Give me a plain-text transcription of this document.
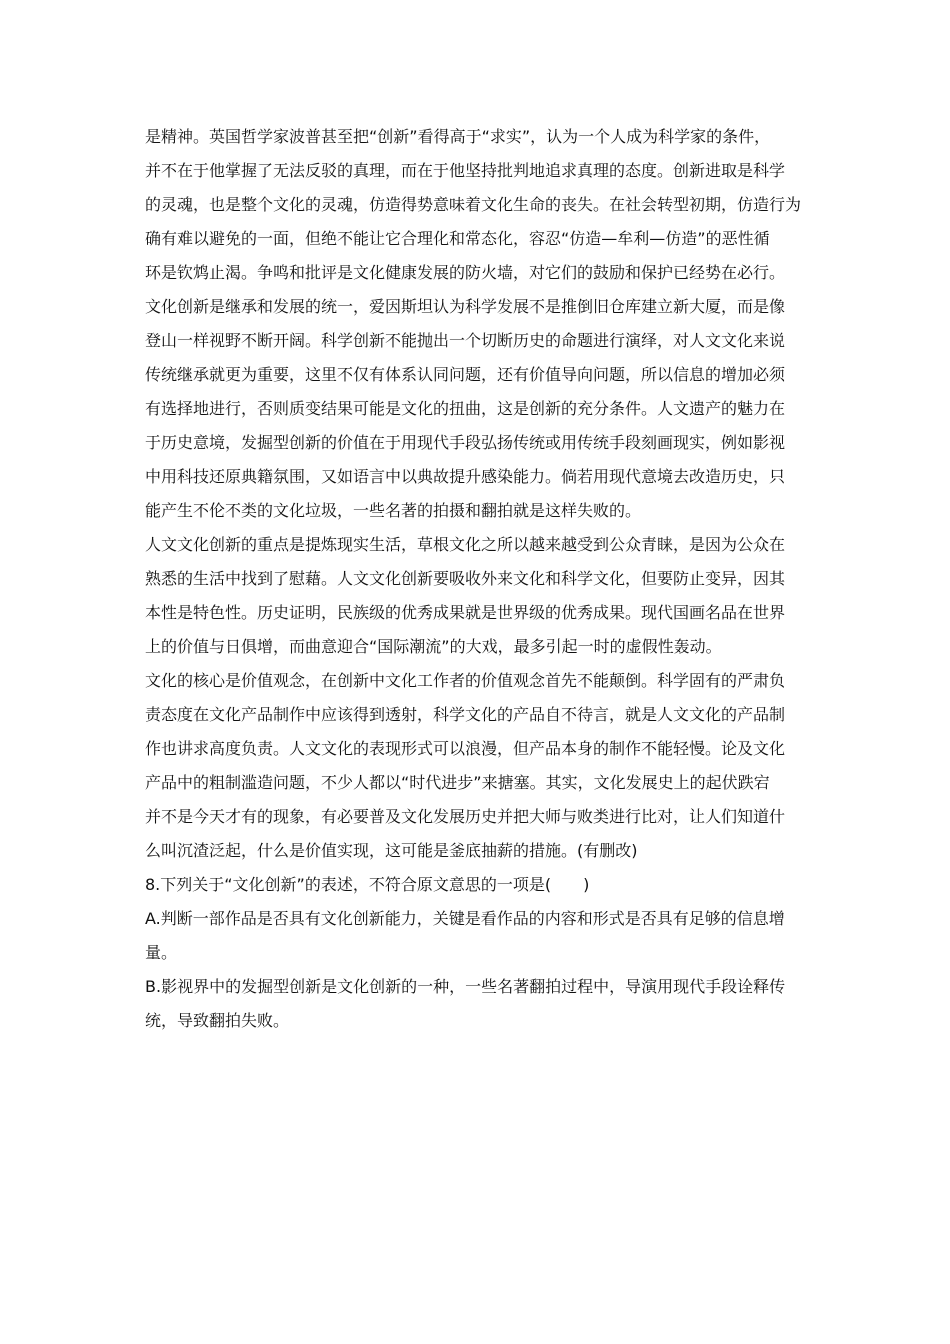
是精神。英国哲学家波普甚至把“创新”看得高于“求实”，认为一个人成为科学家的条件，
并不在于他掌握了无法反驳的真理，而在于他坚持批判地追求真理的态度。创新进取是科学
的灵魂，也是整个文化的灵魂，仿造得势意味着文化生命的丧失。在社会转型初期，仿造行为
确有难以避免的一面，但绝不能让它合理化和常态化，容忍“仿造—牟利—仿造”的恶性循
环是钦鸩止渴。争鸣和批评是文化健康发展的防火墙，对它们的鼓励和保护已经势在必行。
文化创新是继承和发展的统一，爱因斯坦认为科学发展不是推倒旧仓库建立新大厦，而是像
登山一样视野不断开阔。科学创新不能抛出一个切断历史的命题进行演绎，对人文文化来说
传统继承就更为重要，这里不仅有体系认同问题，还有价值导向问题，所以信息的增加必须
有选择地进行，否则质变结果可能是文化的扭曲，这是创新的充分条件。人文遗产的魅力在
于历史意境，发掘型创新的价值在于用现代手段弘扬传统或用传统手段刻画现实，例如影视
中用科技还原典籍氛围，又如语言中以典故提升感染能力。倘若用现代意境去改造历史，只
能产生不伦不类的文化垃圾，一些名著的拍摄和翻拍就是这样失败的。
人文文化创新的重点是提炼现实生活，草根文化之所以越来越受到公众青睐，是因为公众在
熟悉的生活中找到了慰藉。人文文化创新要吸收外来文化和科学文化，但要防止变异，因其
本性是特色性。历史证明，民族级的优秀成果就是世界级的优秀成果。现代国画名品在世界
上的价值与日俱增，而曲意迎合“国际潮流”的大戏，最多引起一时的虚假性轰动。
文化的核心是价值观念，在创新中文化工作者的价值观念首先不能颠倒。科学固有的严肃负
责态度在文化产品制作中应该得到透射，科学文化的产品自不待言，就是人文文化的产品制
作也讲求高度负责。人文文化的表现形式可以浪漫，但产品本身的制作不能轻慢。论及文化
产品中的粗制滥造问题，不少人都以“时代进步”来搪塞。其实，文化发展史上的起伏跌宕
并不是今天才有的现象，有必要普及文化发展历史并把大师与败类进行比对，让人们知道什
么叫沉渣泛起，什么是价值实现，这可能是釜底抽薪的措施。(有删改)
8.下列关于“文化创新”的表述，不符合原文意思的一项是(　　)
A.判断一部作品是否具有文化创新能力，关键是看作品的内容和形式是否具有足够的信息增
量。
B.影视界中的发掘型创新是文化创新的一种，一些名著翻拍过程中，导演用现代手段诠释传
统，导致翻拍失败。
